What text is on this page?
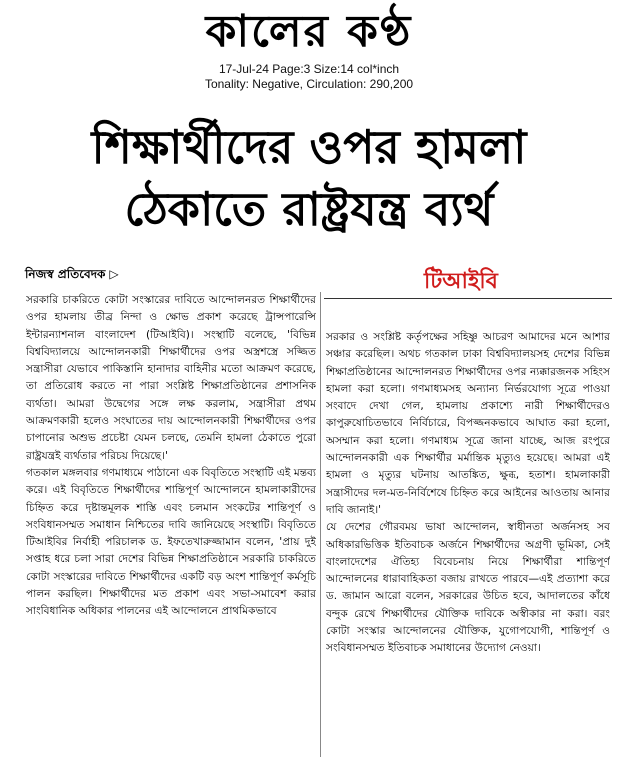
কালের কণ্ঠ
17-Jul-24 Page:3 Size:14 col*inch
Tonality: Negative, Circulation: 290,200
শিক্ষার্থীদের ওপর হামলা
ঠেকাতে রাষ্ট্রযন্ত্র ব্যর্থ
নিজস্ব প্রতিবেদক ▷	টিআইবি

সরকারি চাকরিতে কোটা সংস্কারের দাবিতে আন্দোলনরত শিক্ষার্থীদের ওপর হামলায় তীব্র নিন্দা ও ক্ষোভ প্রকাশ করেছে ট্রান্সপারেন্সি ইন্টারন্যাশনাল বাংলাদেশ (টিআইবি)। সংস্থাটি বলেছে, 'বিভিন্ন বিশ্ববিদ্যালয়ে আন্দোলনকারী শিক্ষার্থীদের ওপর অস্ত্রশস্ত্রে সজ্জিত সন্ত্রাসীরা যেভাবে পাকিস্তানি হানাদার বাহিনীর মতো আক্রমণ করেছে, তা প্রতিরোধ করতে না পারা সংশ্লিষ্ট শিক্ষাপ্রতিষ্ঠানের প্রশাসনিক ব্যর্থতা। আমরা উদ্বেগের সঙ্গে লক্ষ করলাম, সন্ত্রাসীরা প্রথম আক্রমণকারী হলেও সংঘাতের দায় আন্দোলনকারী শিক্ষার্থীদের ওপর চাপানোর অশুভ প্রচেষ্টা যেমন চলছে, তেমনি হামলা ঠেকাতে পুরো রাষ্ট্রযন্ত্রই ব্যর্থতার পরিচয় দিয়েছে।'

গতকাল মঙ্গলবার গণমাধ্যমে পাঠানো এক বিবৃতিতে সংস্থাটি এই মন্তব্য করে। এই বিবৃতিতে শিক্ষার্থীদের শান্তিপূর্ণ আন্দোলনে হামলাকারীদের চিহ্নিত করে দৃষ্টান্তমূলক শাস্তি এবং চলমান সংকটের শান্তিপূর্ণ ও সংবিধানসম্মত সমাধান নিশ্চিতের দাবি জানিয়েছে সংস্থাটি। বিবৃতিতে টিআইবির নির্বাহী পরিচালক ড. ইফতেখারুজ্জামান বলেন, 'প্রায় দুই সপ্তাহ ধরে চলা সারা দেশের বিভিন্ন শিক্ষাপ্রতিষ্ঠানে সরকারি চাকরিতে কোটা সংস্কারের দাবিতে শিক্ষার্থীদের একটি বড় অংশ শান্তিপূর্ণ কর্মসূচি পালন করছিল। শিক্ষার্থীদের মত প্রকাশ এবং সভা-সমাবেশ করার সাংবিধানিক অধিকার পালনের এই আন্দোলনে প্রাথমিকভাবে

সরকার ও সংশ্লিষ্ট কর্তৃপক্ষের সহিষ্ণু আচরণ আমাদের মনে আশার সঞ্চার করেছিল। অথচ গতকাল ঢাকা বিশ্ববিদ্যালয়সহ দেশের বিভিন্ন শিক্ষাপ্রতিষ্ঠানের আন্দোলনরত শিক্ষার্থীদের ওপর ন্যক্কারজনক সহিংস হামলা করা হলো। গণমাধ্যমসহ অন্যান্য নির্ভরযোগ্য সূত্রে পাওয়া সংবাদে দেখা গেল, হামলায় প্রকাশ্যে নারী শিক্ষার্থীদেরও কাপুরুষোচিতভাবে নির্বিচারে, বিপজ্জনকভাবে আঘাত করা হলো, অসম্মান করা হলো। গণমাধ্যম সূত্রে জানা যাচ্ছে, আজ রংপুরে আন্দোলনকারী এক শিক্ষার্থীর মর্মান্তিক মৃত্যুও হয়েছে। আমরা এই হামলা ও মৃত্যুর ঘটনায় আতঙ্কিত, ক্ষুব্ধ, হতাশ। হামলাকারী সন্ত্রাসীদের দল-মত-নির্বিশেষে চিহ্নিত করে আইনের আওতায় আনার দাবি জানাই।'

যে দেশের গৌরবময় ভাষা আন্দোলন, স্বাধীনতা অর্জনসহ সব অধিকারভিত্তিক ইতিবাচক অর্জনে শিক্ষার্থীদের অগ্রণী ভূমিকা, সেই বাংলাদেশের ঐতিহ্য বিবেচনায় নিয়ে শিক্ষার্থীরা শান্তিপূর্ণ আন্দোলনের ধারাবাহিকতা বজায় রাখতে পারবে—এই প্রত্যাশা করে ড. জামান আরো বলেন, সরকারের উচিত হবে, আদালতের কাঁধে বন্দুক রেখে শিক্ষার্থীদের যৌক্তিক দাবিকে অস্বীকার না করা। বরং কোটা সংস্কার আন্দোলনের যৌক্তিক, যুগোপযোগী, শান্তিপূর্ণ ও সংবিধানসম্মত ইতিবাচক সমাধানের উদ্যোগ নেওয়া।
